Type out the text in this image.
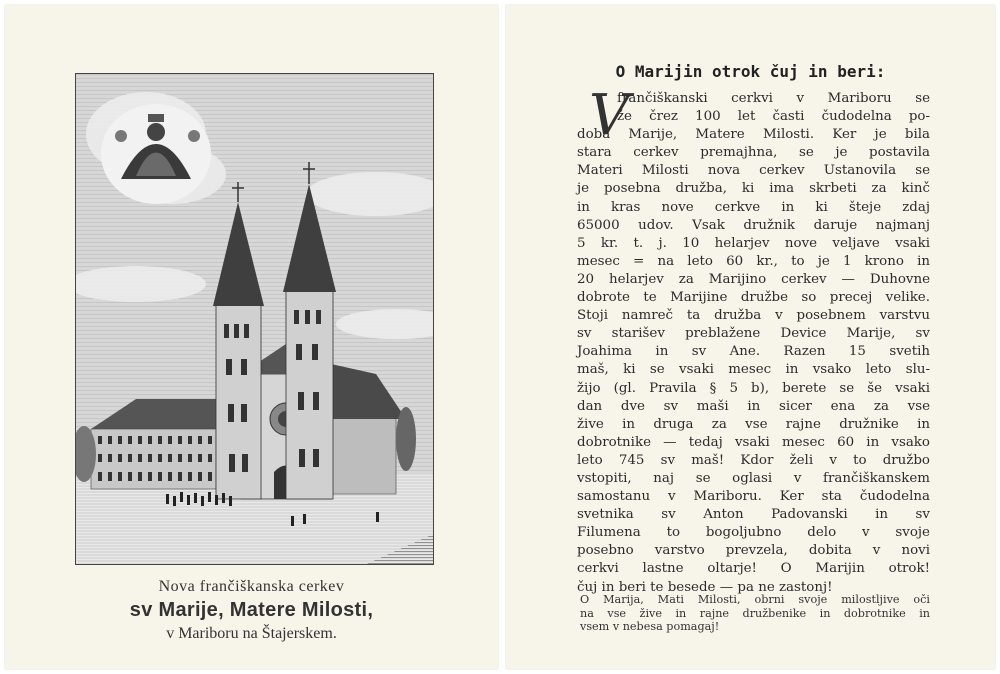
Nova frančiškanska cerkev
sv Marije, Matere Milosti,
v Mariboru na Štajerskem.
O Marijin otrok čuj in beri:
V
frančiškanski cerkvi v Mariboru se
že črez 100 let časti čudodelna po-
doba Marije, Matere Milosti. Ker je bila
stara cerkev premajhna, se je postavila
Materi Milosti nova cerkev Ustanovila se
je posebna družba, ki ima skrbeti za kinč
in kras nove cerkve in ki šteje zdaj
65000 udov. Vsak družnik daruje najmanj
5 kr. t. j. 10 helarjev nove veljave vsaki
mesec = na leto 60 kr., to je 1 krono in
20 helarjev za Marijino cerkev — Duhovne
dobrote te Marijine družbe so precej velike.
Stoji namreč ta družba v posebnem varstvu
sv starišev preblažene Device Marije, sv
Joahima in sv Ane. Razen 15 svetih
maš, ki se vsaki mesec in vsako leto slu-
žijo (gl. Pravila § 5 b), berete se še vsaki
dan dve sv maši in sicer ena za vse
žive in druga za vse rajne družnike in
dobrotnike — tedaj vsaki mesec 60 in vsako
leto 745 sv maš! Kdor želi v to družbo
vstopiti, naj se oglasi v frančiškanskem
samostanu v Mariboru. Ker sta čudodelna
svetnika sv Anton Padovanski in sv
Filumena to bogoljubno delo v svoje
posebno varstvo prevzela, dobita v novi
cerkvi lastne oltarje! O Marijin otrok!
čuj in beri te besede — pa ne zastonj!
O Marija, Mati Milosti, obrni svoje milostljive oči
na vse žive in rajne družbenike in dobrotnike in
vsem v nebesa pomagaj!
